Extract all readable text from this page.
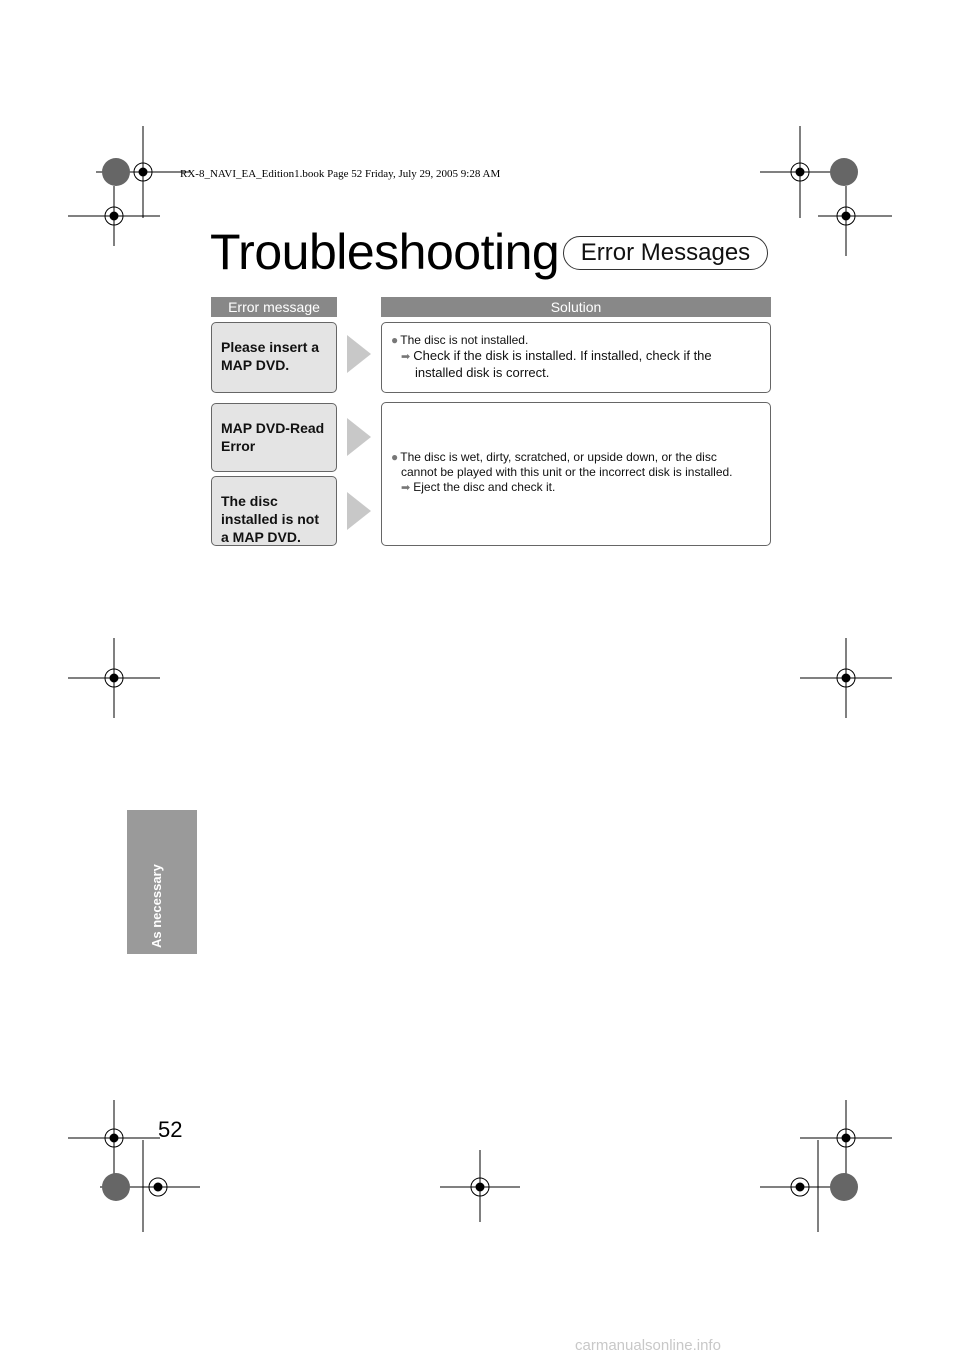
RX-8_NAVI_EA_Edition1.book Page 52 Friday, July 29, 2005 9:28 AM
Troubleshooting Error Messages
Error message	Solution
Please insert a MAP DVD.
● The disc is not installed.
➡ Check if the disk is installed. If installed, check if the
installed disk is correct.
MAP DVD-Read Error
The disc installed is not a MAP DVD.
● The disc is wet, dirty, scratched, or upside down, or the disc
cannot be played with this unit or the incorrect disk is installed.
➡ Eject the disc and check it.
As necessary
52
carmanualsonline.info
